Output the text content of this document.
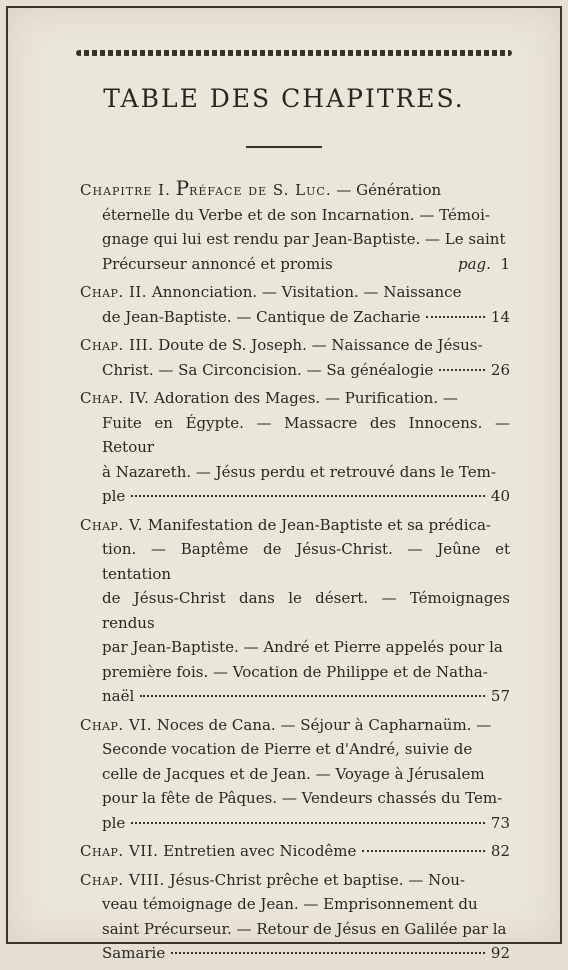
TABLE DES CHAPITRES.
Chapitre I. Préface de S. Luc. — Génération
éternelle du Verbe et de son Incarnation. — Témoi-
gnage qui lui est rendu par Jean-Baptiste. — Le saint
Précurseur annoncé et promis	pag. 1
Chap. II. Annonciation. — Visitation. — Naissance
de Jean-Baptiste. — Cantique de Zacharie	14
Chap. III. Doute de S. Joseph. — Naissance de Jésus-
Christ. — Sa Circoncision. — Sa généalogie	26
Chap. IV. Adoration des Mages. — Purification. —
Fuite en Égypte. — Massacre des Innocens. — Retour
à Nazareth. — Jésus perdu et retrouvé dans le Tem-
ple	40
Chap. V. Manifestation de Jean-Baptiste et sa prédica-
tion. — Baptême de Jésus-Christ. — Jeûne et tentation
de Jésus-Christ dans le désert. — Témoignages rendus
par Jean-Baptiste. — André et Pierre appelés pour la
première fois. — Vocation de Philippe et de Natha-
naël	57
Chap. VI. Noces de Cana. — Séjour à Capharnaüm. —
Seconde vocation de Pierre et d'André, suivie de
celle de Jacques et de Jean. — Voyage à Jérusalem
pour la fête de Pâques. — Vendeurs chassés du Tem-
ple	73
Chap. VII. Entretien avec Nicodême	82
Chap. VIII. Jésus-Christ prêche et baptise. — Nou-
veau témoignage de Jean. — Emprisonnement du
saint Précurseur. — Retour de Jésus en Galilée par la
Samarie	92
